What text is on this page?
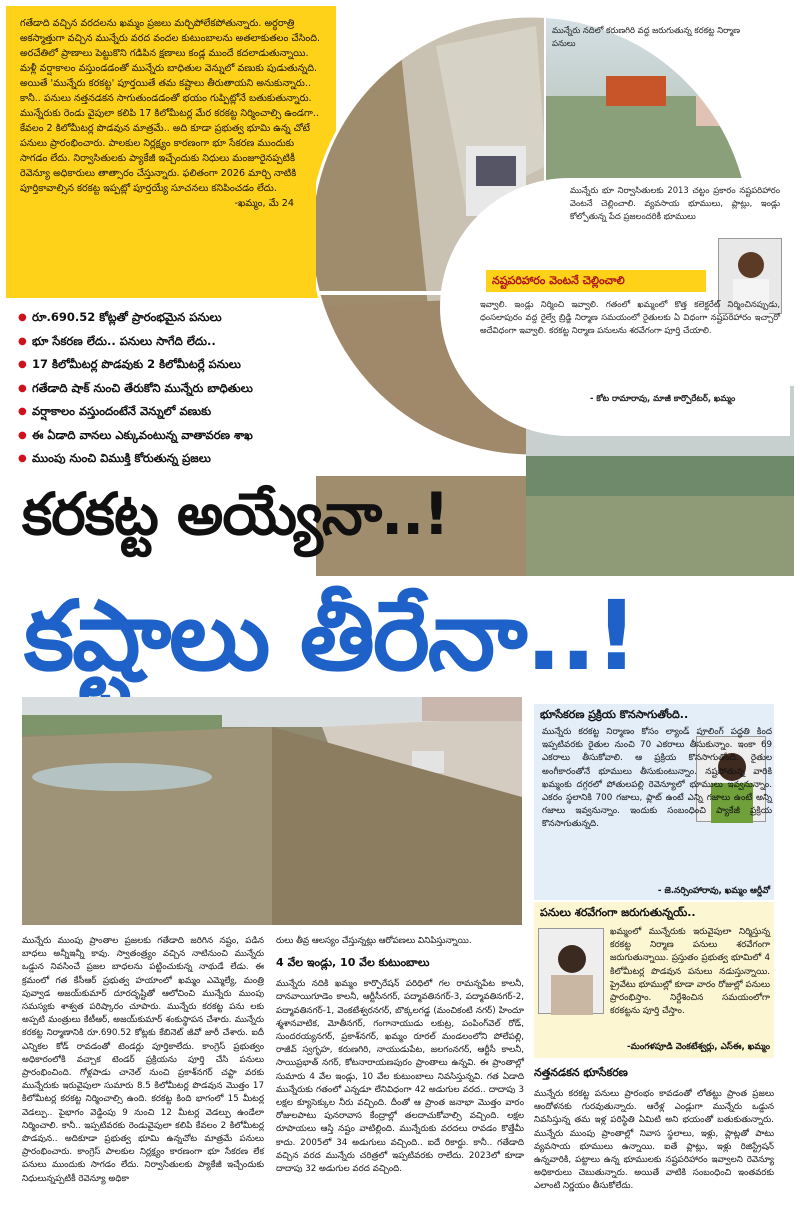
గతేడాది వచ్చిన వరదలను ఖమ్మం ప్రజలు మర్చిపోలేకపోతున్నారు. అర్ధరాత్రి అకస్మాత్తుగా వచ్చిన మున్నేరు వరద వందల కుటుంబాలను అతలాకుతలం చేసింది. అరచేతిలో ప్రాణాలు పెట్టుకొని గడిపిన క్షణాలు కండ్ల ముందే కదలాడుతున్నాయి. మళ్లీ వర్షాకాలం వస్తుండడంతో మున్నేరు బాధితుల వెన్నులో వణుకు పుడుతున్నది. అయితే 'మున్నేరు కరకట్ట' పూర్తయితే తమ కష్టాలు తీరుతాయని అనుకున్నారు.. కానీ.. పనులు నత్తనడకన సాగుతుండడంతో భయం గుప్పిట్లోనే బతుకుతున్నారు. మున్నేరుకు రెండు వైపులా కలిపి 17 కిలోమీటర్ల మేర కరకట్ట నిర్మించాల్సి ఉండగా.. కేవలం 2 కిలోమీటర్ల పొడవున మాత్రమే.. అది కూడా ప్రభుత్వ భూమి ఉన్న చోటే పనులు ప్రారంభించారు. పాలకుల నిర్లక్ష్యం కారణంగా భూ సేకరణ ముందుకు సాగడం లేదు. నిర్వాసితులకు ప్యాకేజీ ఇచ్చేందుకు నిధులు మంజూరైనప్పటికీ రెవెన్యూ అధికారులు తాత్సారం చేస్తున్నారు. ఫలితంగా 2026 మార్చి నాటికి పూర్తికావాల్సిన కరకట్ట ఇప్పట్లో పూర్తయ్యే సూచనలు కనిపించడం లేదు.
-ఖమ్మం, మే 24
మున్నేరు నదిలో కరుణగిరి వద్ద జరుగుతున్న కరకట్ట నిర్మాణ పనులు
మున్నేరు భూ నిర్వాసితులకు 2013 చట్టం ప్రకారం నష్టపరిహారం వెంటనే చెల్లించాలి. వ్యవసాయ భూములు, ప్లాట్లు, ఇండ్లు కోల్పోతున్న పేద ప్రజలందరికీ భూములు
నష్టపరిహారం వెంటనే చెల్లించాలి
ఇవ్వాలి. ఇండ్లు నిర్మించి ఇవ్వాలి. గతంలో ఖమ్మంలో కొత్త కలెక్టరేట్ నిర్మించినప్పుడు, ధంసలాపురం వద్ద రైల్వే బ్రిడ్జి నిర్మాణ సమయంలో రైతులకు ఏ విధంగా నష్టపరిహారం ఇచ్చారో అదేవిధంగా ఇవ్వాలి. కరకట్ట నిర్మాణ పనులను శరవేగంగా పూర్తి చేయాలి.
- కోట రామారావు, మాజీ కార్పొరేటర్, ఖమ్మం
● రూ.690.52 కోట్లతో ప్రారంభమైన పనులు
● భూ సేకరణ లేదు.. పనులు సాగేది లేదు..
● 17 కిలోమీటర్ల పొడవుకు 2 కిలోమీటర్లే పనులు
● గతేడాది షాక్ నుంచి తేరుకోని మున్నేరు బాధితులు
● వర్షాకాలం వస్తుందంటేనే వెన్నులో వణుకు
● ఈ ఏడాది వానలు ఎక్కువంటున్న వాతావరణ శాఖ
● ముంపు నుంచి విముక్తి కోరుతున్న ప్రజలు
కరకట్ట అయ్యేనా..!
కష్టాలు తీరేనా..!
భూసేకరణ ప్రక్రియ కొనసాగుతోంది..
మున్నేరు కరకట్ట నిర్మాణం కోసం ల్యాండ్ పూలింగ్ పద్ధతి కింద ఇప్పటివరకు రైతుల నుంచి 70 ఎకరాలు తీసుకున్నాం. ఇంకా 69 ఎకరాలు తీసుకోవాలి. ఆ ప్రక్రియ కొనసాగుతోంది. రైతుల అంగీకారంతోనే భూములు తీసుకుంటున్నాం. నష్టపోతున్న వారికి ఖమ్మంకు దగ్గరలో పోతులపల్లి రెవెన్యూలో భూములు ఇవ్వనున్నాం. ఎకరం స్థలానికి 700 గజాలు, ప్లాట్ ఉంటే ఎన్ని గజాలు ఉంటే అన్ని గజాలు ఇవ్వనున్నాం. ఇందుకు సంబంధించి ప్యాకేజీ ప్రక్రియ కొనసాగుతున్నది.
- జె.నర్సింహారావు, ఖమ్మం ఆర్డీవో
పనులు శరవేగంగా జరుగుతున్నయ్..
ఖమ్మంలో మున్నేరుకు ఇరువైపులా నిర్మిస్తున్న కరకట్ట నిర్మాణ పనులు శరవేగంగా జరుగుతున్నాయి. ప్రస్తుతం ప్రభుత్వ భూమిలో 4 కిలోమీటర్ల పొడవున పనులు నడుస్తున్నాయి. ప్రైవేటు భూముల్లో కూడా వారం రోజుల్లో పనులు ప్రారంభిస్తాం. నిర్దేశించిన సమయంలోగా కరకట్టను పూర్తి చేస్తాం.
-మంగళపూడి వెంకటేశ్వర్లు, ఎస్ఈ, ఖమ్మం
మున్నేరు ముంపు ప్రాంతాల ప్రజలకు గతేడాది జరిగిన నష్టం, పడిన బాధలు అన్నీఇన్నీ కావు. స్వాతంత్ర్యం వచ్చిన నాటినుంచి మున్నేరు ఒడ్డున నివసించే ప్రజల బాధలను పట్టించుకున్న నాథుడే లేడు. ఈ క్రమంలో గత కేసీఆర్ ప్రభుత్వ హయాంలో ఖమ్మం ఎమ్మెల్యే, మంత్రి పువ్వాడ అజయ్‌కుమార్ దూరదృష్టితో ఆలోచించి మున్నేరు ముంపు సమస్యకు శాశ్వత పరిష్కారం చూపారు. మున్నేరు కరకట్ట పను లకు అప్పటి మంత్రులు కేటీఆర్, అజయ్‌కుమార్ శంకుస్థాపన చేశారు. మున్నేరు కరకట్ట నిర్మాణానికి రూ.690.52 కోట్లకు కేబినెట్ జీవో జారీ చేశారు. ఐదీ ఎన్నికల కోడ్ రావడంతో టెండర్లు పూర్తికాలేదు. కాంగ్రెస్ ప్రభుత్వం అధికారంలోకి వచ్చాక టెండర్ ప్రక్రియను పూర్తి చేసి పనులు ప్రారంభించింది. గోళ్లపాడు చానెల్ నుంచి ప్రకాశ్‌నగర్ చప్టా వరకు మున్నేరుకు ఇరువైపులా సుమారు 8.5 కిలోమీటర్ల పొడవున మొత్తం 17 కిలోమీటర్ల కరకట్ట నిర్మించాల్సి ఉంది. కరకట్ట కింది భాగంలో 15 మీటర్ల వెడల్పు.. పైభాగం వెడ్డింపు 9 నుంచి 12 మీటర్ల వెడల్పు ఉండేలా నిర్మించాలి. కానీ.. ఇప్పటివరకు రెండువైపులా కలిపి కేవలం 2 కిలోమీటర్ల పొడవున.. అదికూడా ప్రభుత్వ భూమి ఉన్నచోట మాత్రమే పనులు ప్రారంభించారు. కాంగ్రెస్ పాలకుల నిర్లక్ష్యం కారణంగా భూ సేకరణ లేక పనులు ముందుకు సాగడం లేదు. నిర్వాసితులకు ప్యాకేజీ ఇచ్చేందుకు నిధులున్నప్పటికీ రెవెన్యూ అధికా
రులు తీవ్ర ఆలస్యం చేస్తున్నట్లు ఆరోపణలు వినిపిస్తున్నాయి.
4 వేల ఇండ్లు, 10 వేల కుటుంబాలు
మున్నేరు నదికి ఖమ్మం కార్పొరేషన్ పరిధిలో గల రామన్నపేట కాలనీ, దానవాయిగూడెం కాలనీ, ఆర్టీసీనగర్, పద్మావతినగర్-3, పద్మావతినగర్-2, పద్మావతినగర్-1, వెంకటేశ్వరనగర్, బొక్కలగడ్డ (మంచికంటి నగర్) హిందూ శ్మశానవాటిక, మోతీనగర్, గంగానాయుడు లకుట్ర, పంపింగ్‌వెల్ రోడ్, సుందరయ్యనగర్, ప్రకాశ్‌నగర్, ఖమ్మం రూరల్ మండలంలోని పోలేపల్లి, రాజీవ్ స్వగృహ, కరుణగిరి, నాయుడుపేట, జలగంనగర్, ఆర్టీసీ కాలనీ, సాయిప్రభాత్ నగర్, కోటనారాయణపురం ప్రాంతాలు ఉన్నవి. ఈ ప్రాంతాల్లో సుమారు 4 వేల ఇండ్లు, 10 వేల కుటుంబాలు నివసిస్తున్నవి. గత ఏడాది మున్నేరుకు గతంలో ఎన్నడూ లేనివిధంగా 42 అడుగుల వరద.. దాదాపు 3 లక్షల క్యూసెక్కుల నీరు వచ్చింది. దీంతో ఆ ప్రాంత జనాభా మొత్తం వారం రోజులపాటు పునరావాస కేంద్రాల్లో తలదాచుకోవాల్సి వచ్చింది. లక్షల రూపాయలు ఆస్తి నష్టం వాటిల్లింది. మున్నేరుకు వరదలు రావడం కొత్తేమీ కాదు. 2005లో 34 అడుగులు వచ్చింది.. ఐదే రికార్డు. కానీ.. గతేడాది వచ్చిన వరద మున్నేరు చరిత్రలో ఇప్పటివరకు రాలేదు. 2023లో కూడా దాదాపు 32 అడుగుల వరద వచ్చింది.
నత్తనడకన భూసేకరణ
మున్నేరు కరకట్ట పనులు ప్రారంభం కావడంతో లోతట్టు ప్రాంత ప్రజలు ఆందోళనకు గురవుతున్నారు. ఆరేళ్ల ఎండ్లుగా మున్నేరు ఒడ్డున నివసిస్తున్న తమ ఇళ్ల పరిస్థితి ఏమిటి అని భయంతో బతుకుతున్నారు. మున్నేరు ముంపు ప్రాంతాల్లో నివాస స్థలాలు, ఇళ్లు, ప్లాట్లతో పాటు వ్యవసాయ భూములు ఉన్నాయి. ఐతే ప్లాట్లు, ఇళ్లు రిజిస్ట్రేషన్ ఉన్నవారికి, పట్టాలు ఉన్న భూములకు నష్టపరిహారం ఇవ్వాలని రెవెన్యూ అధికారులు చెబుతున్నారు. అయితే వాటికి సంబంధించి ఇంతవరకు ఎలాంటి నిర్ణయం తీసుకోలేదు.
